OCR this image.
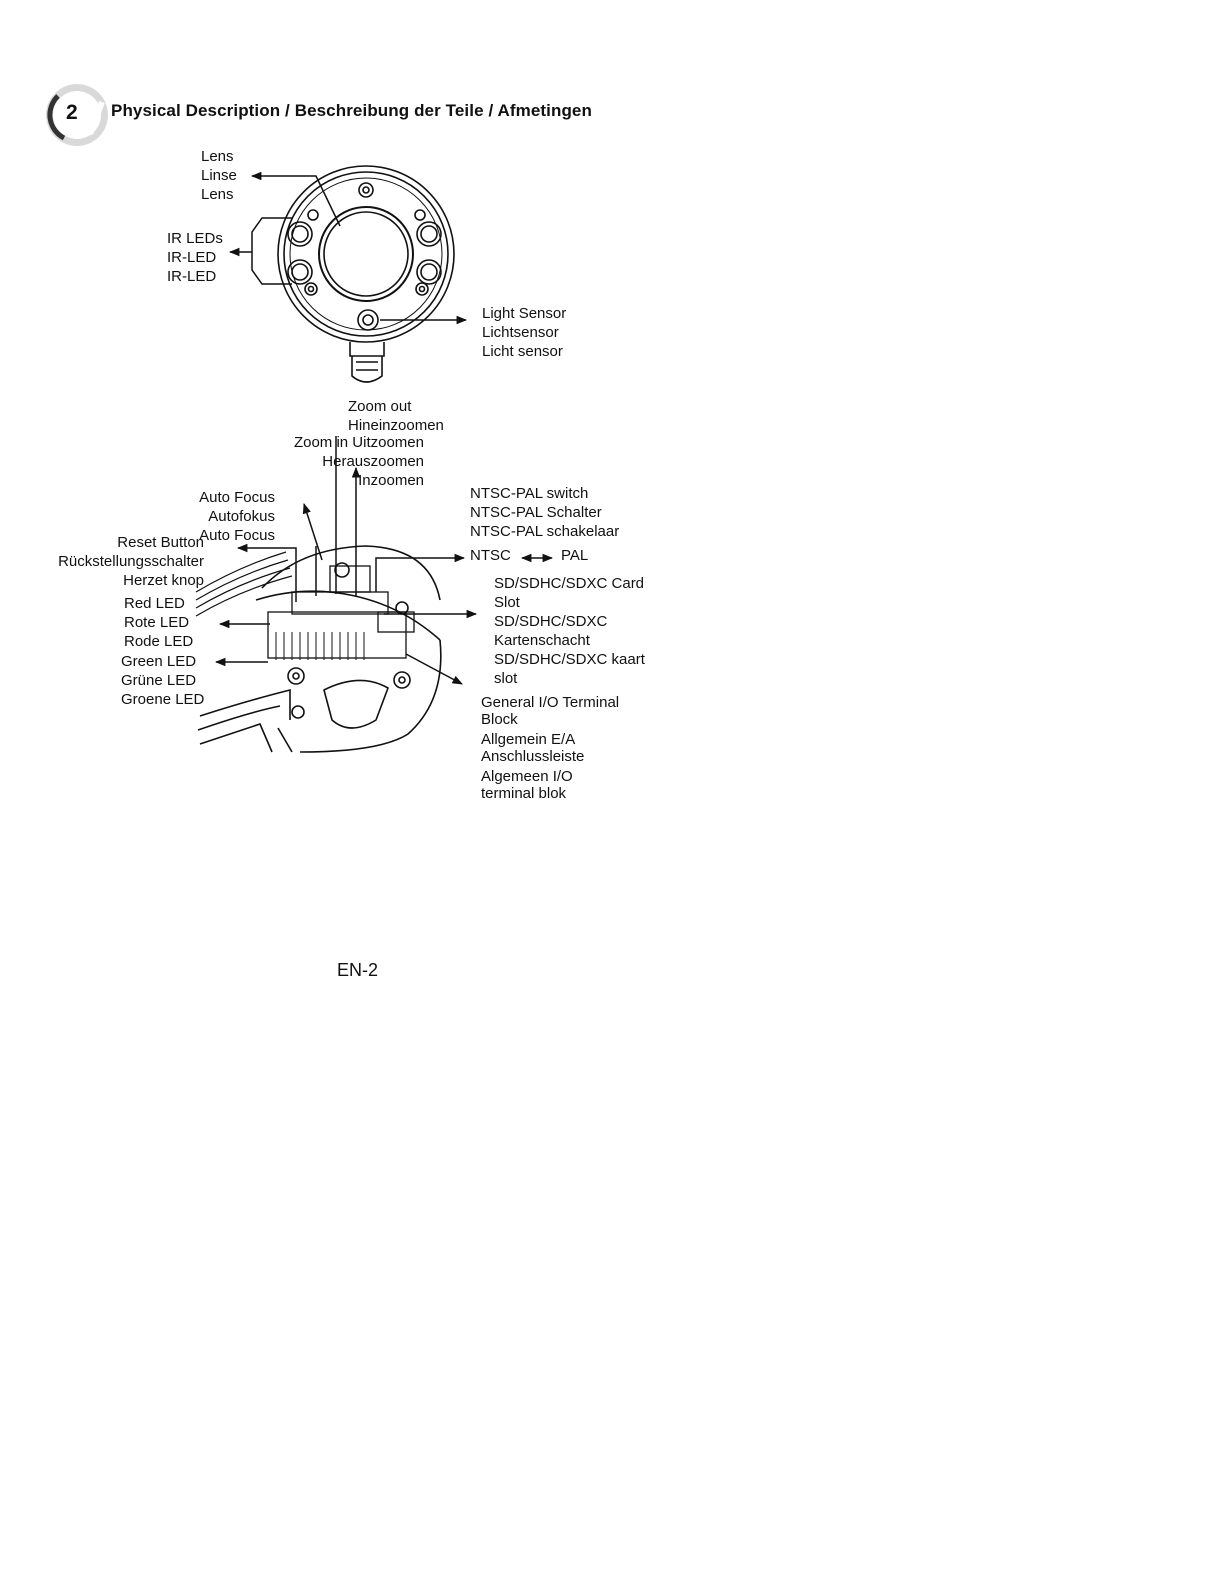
2 Physical Description / Beschreibung der Teile / Afmetingen
Lens
Linse
Lens
IR LEDs
IR-LED
IR-LED
Light Sensor
Lichtsensor
Licht sensor
Zoom out
Hineinzoomen
Zoom in Uitzoomen
Herauszoomen
Inzoomen
Auto Focus
Autofokus
Auto Focus
Reset Button
Rückstellungsschalter
Herzet knop
Red LED
Rote LED
Rode LED
Green LED
Grüne LED
Groene LED
NTSC-PAL switch
NTSC-PAL Schalter
NTSC-PAL schakelaar
NTSC	PAL
SD/SDHC/SDXC Card
Slot
SD/SDHC/SDXC
Kartenschacht
SD/SDHC/SDXC kaart
slot
General I/O Terminal
Block
Allgemein E/A
Anschlussleiste
Algemeen I/O
terminal blok
EN-2
